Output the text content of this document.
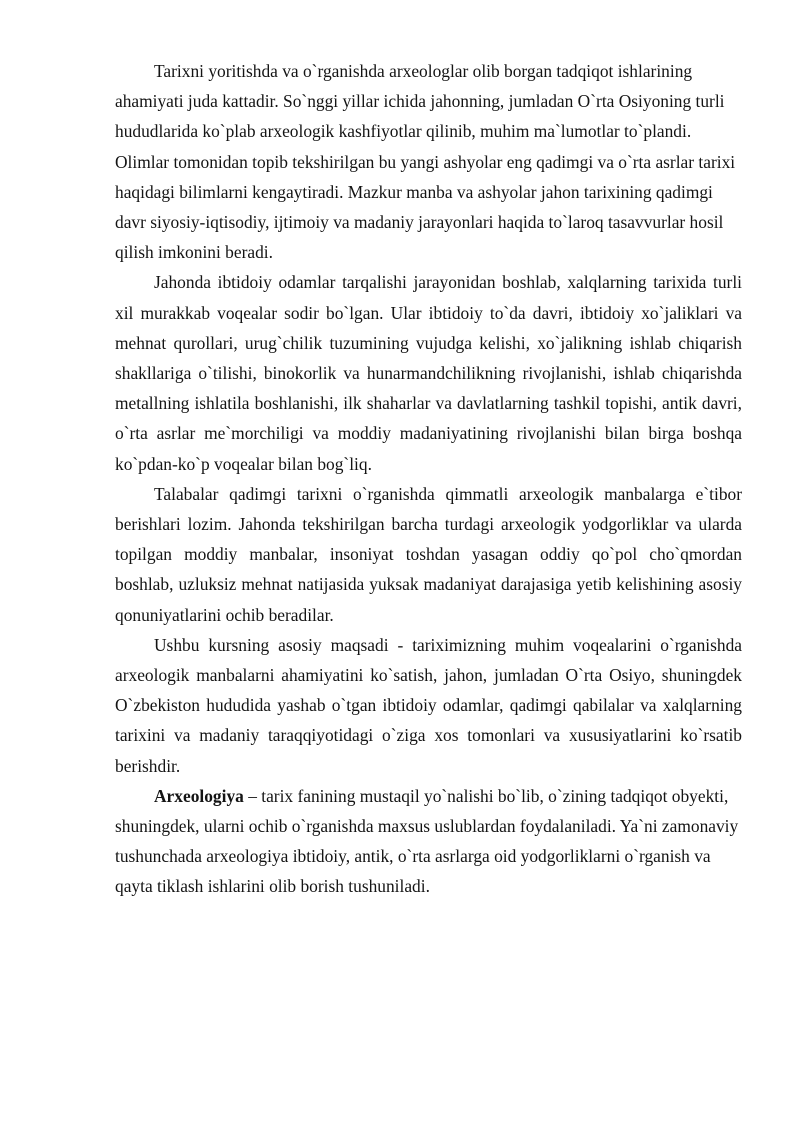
Tarixni yoritishda va o`rganishda arxeologlar olib borgan tadqiqot ishlarining ahamiyati juda kattadir. So`nggi yillar ichida jahonning, jumladan O`rta Osiyoning turli hududlarida ko`plab arxeologik kashfiyotlar qilinib, muhim ma`lumotlar to`plandi. Olimlar tomonidan topib tekshirilgan bu yangi ashyolar eng qadimgi va o`rta asrlar tarixi haqidagi bilimlarni kengaytiradi. Mazkur manba va ashyolar jahon tarixining qadimgi davr siyosiy-iqtisodiy, ijtimoiy va madaniy jarayonlari haqida to`laroq tasavvurlar hosil qilish imkonini beradi.

Jahonda ibtidoiy odamlar tarqalishi jarayonidan boshlab, xalqlarning tarixida turli xil murakkab voqealar sodir bo`lgan. Ular ibtidoiy to`da davri, ibtidoiy xo`jaliklari va mehnat qurollari, urug`chilik tuzumining vujudga kelishi, xo`jalikning ishlab chiqarish shakllariga o`tilishi, binokorlik va hunarmandchilikning rivojlanishi, ishlab chiqarishda metallning ishlatila boshlanishi, ilk shaharlar va davlatlarning tashkil topishi, antik davri, o`rta asrlar me`morchiligi va moddiy madaniyatining rivojlanishi bilan birga boshqa ko`pdan-ko`p voqealar bilan bog`liq.

Talabalar qadimgi tarixni o`rganishda qimmatli arxeologik manbalarga e`tibor berishlari lozim. Jahonda tekshirilgan barcha turdagi arxeologik yodgorliklar va ularda topilgan moddiy manbalar, insoniyat toshdan yasagan oddiy qo`pol cho`qmordan boshlab, uzluksiz mehnat natijasida yuksak madaniyat darajasiga yetib kelishining asosiy qonuniyatlarini ochib beradilar.

Ushbu kursning asosiy maqsadi - tariximizning muhim voqealarini o`rganishda arxeologik manbalarni ahamiyatini ko`satish, jahon, jumladan O`rta Osiyo, shuningdek O`zbekiston hududida yashab o`tgan ibtidoiy odamlar, qadimgi qabilalar va xalqlarning tarixini va madaniy taraqqiyotidagi o`ziga xos tomonlari va xususiyatlarini ko`rsatib berishdir.

Arxeologiya – tarix fanining mustaqil yo`nalishi bo`lib, o`zining tadqiqot obyekti, shuningdek, ularni ochib o`rganishda maxsus uslublardan foydalaniladi. Ya`ni zamonaviy tushunchada arxeologiya ibtidoiy, antik, o`rta asrlarga oid yodgorliklarni o`rganish va qayta tiklash ishlarini olib borish tushuniladi.
